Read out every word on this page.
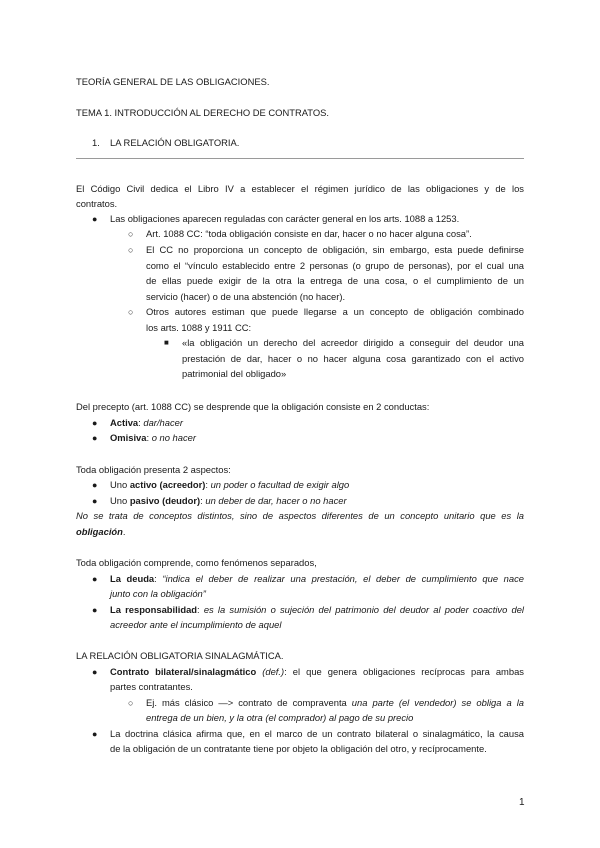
TEORÍA GENERAL DE LAS OBLIGACIONES.
TEMA 1. INTRODUCCIÓN AL DERECHO DE CONTRATOS.
1. LA RELACIÓN OBLIGATORIA.
El Código Civil dedica el Libro IV a establecer el régimen jurídico de las obligaciones y de los
contratos.
● Las obligaciones aparecen reguladas con carácter general en los arts. 1088 a 1253.
○ Art. 1088 CC: “toda obligación consiste en dar, hacer o no hacer alguna cosa”.
○ El CC no proporciona un concepto de obligación, sin embargo, esta puede definirse
como el “vínculo establecido entre 2 personas (o grupo de personas), por el cual una
de ellas puede exigir de la otra la entrega de una cosa, o el cumplimiento de un
servicio (hacer) o de una abstención (no hacer).
○ Otros autores estiman que puede llegarse a un concepto de obligación combinado
los arts. 1088 y 1911 CC:
■ «la obligación un derecho del acreedor dirigido a conseguir del deudor una
prestación de dar, hacer o no hacer alguna cosa garantizado con el activo
patrimonial del obligado»
Del precepto (art. 1088 CC) se desprende que la obligación consiste en 2 conductas:
● Activa: dar/hacer
● Omisiva: o no hacer
Toda obligación presenta 2 aspectos:
● Uno activo (acreedor): un poder o facultad de exigir algo
● Uno pasivo (deudor): un deber de dar, hacer o no hacer
No se trata de conceptos distintos, sino de aspectos diferentes de un concepto unitario que es la
obligación.
Toda obligación comprende, como fenómenos separados,
● La deuda: “indica el deber de realizar una prestación, el deber de cumplimiento que nace
junto con la obligación”
● La responsabilidad: es la sumisión o sujeción del patrimonio del deudor al poder coactivo del
acreedor ante el incumplimiento de aquel
LA RELACIÓN OBLIGATORIA SINALAGMÁTICA.
● Contrato bilateral/sinalagmático (def.): el que genera obligaciones recíprocas para ambas
partes contratantes.
○ Ej. más clásico —> contrato de compraventa una parte (el vendedor) se obliga a la
entrega de un bien, y la otra (el comprador) al pago de su precio
● La doctrina clásica afirma que, en el marco de un contrato bilateral o sinalagmático, la causa
de la obligación de un contratante tiene por objeto la obligación del otro, y recíprocamente.
1
